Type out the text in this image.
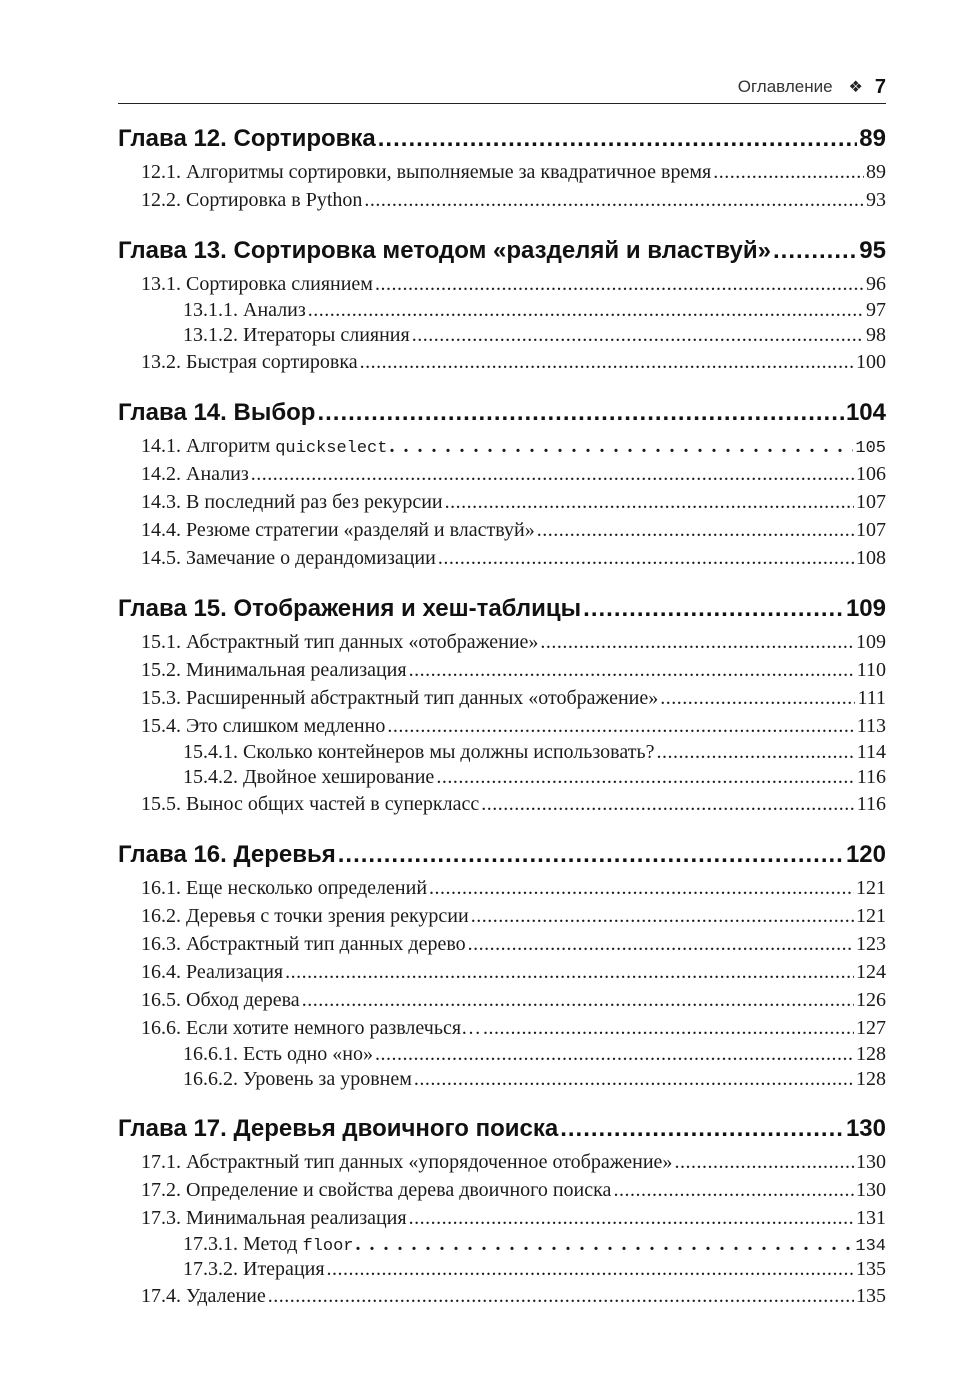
Оглавление ❖ 7
Глава 12. Сортировка .....	89
12.1. Алгоритмы сортировки, выполняемые за квадратичное время .....	89
12.2. Сортировка в Python .....	93
Глава 13. Сортировка методом «разделяй и властвуй» .....	95
13.1. Сортировка слиянием .....	96
13.1.1. Анализ .....	97
13.1.2. Итераторы слияния .....	98
13.2. Быстрая сортировка .....	100
Глава 14. Выбор .....	104
14.1. Алгоритм quickselect . . .	105
14.2. Анализ .....	106
14.3. В последний раз без рекурсии .....	107
14.4. Резюме стратегии «разделяй и властвуй» .....	107
14.5. Замечание о дерандомизации .....	108
Глава 15. Отображения и хеш-таблицы .....	109
15.1. Абстрактный тип данных «отображение» .....	109
15.2. Минимальная реализация .....	110
15.3. Расширенный абстрактный тип данных «отображение» .....	111
15.4. Это слишком медленно .....	113
15.4.1. Сколько контейнеров мы должны использовать? .....	114
15.4.2. Двойное хеширование .....	116
15.5. Вынос общих частей в суперкласс .....	116
Глава 16. Деревья .....	120
16.1. Еще несколько определений .....	121
16.2. Деревья с точки зрения рекурсии .....	121
16.3. Абстрактный тип данных дерево .....	123
16.4. Реализация .....	124
16.5. Обход дерева .....	126
16.6. Если хотите немного развлечься… .....	127
16.6.1. Есть одно «но» .....	128
16.6.2. Уровень за уровнем .....	128
Глава 17. Деревья двоичного поиска .....	130
17.1. Абстрактный тип данных «упорядоченное отображение» .....	130
17.2. Определение и свойства дерева двоичного поиска .....	130
17.3. Минимальная реализация .....	131
17.3.1. Метод floor . . .	134
17.3.2. Итерация .....	135
17.4. Удаление .....	135
